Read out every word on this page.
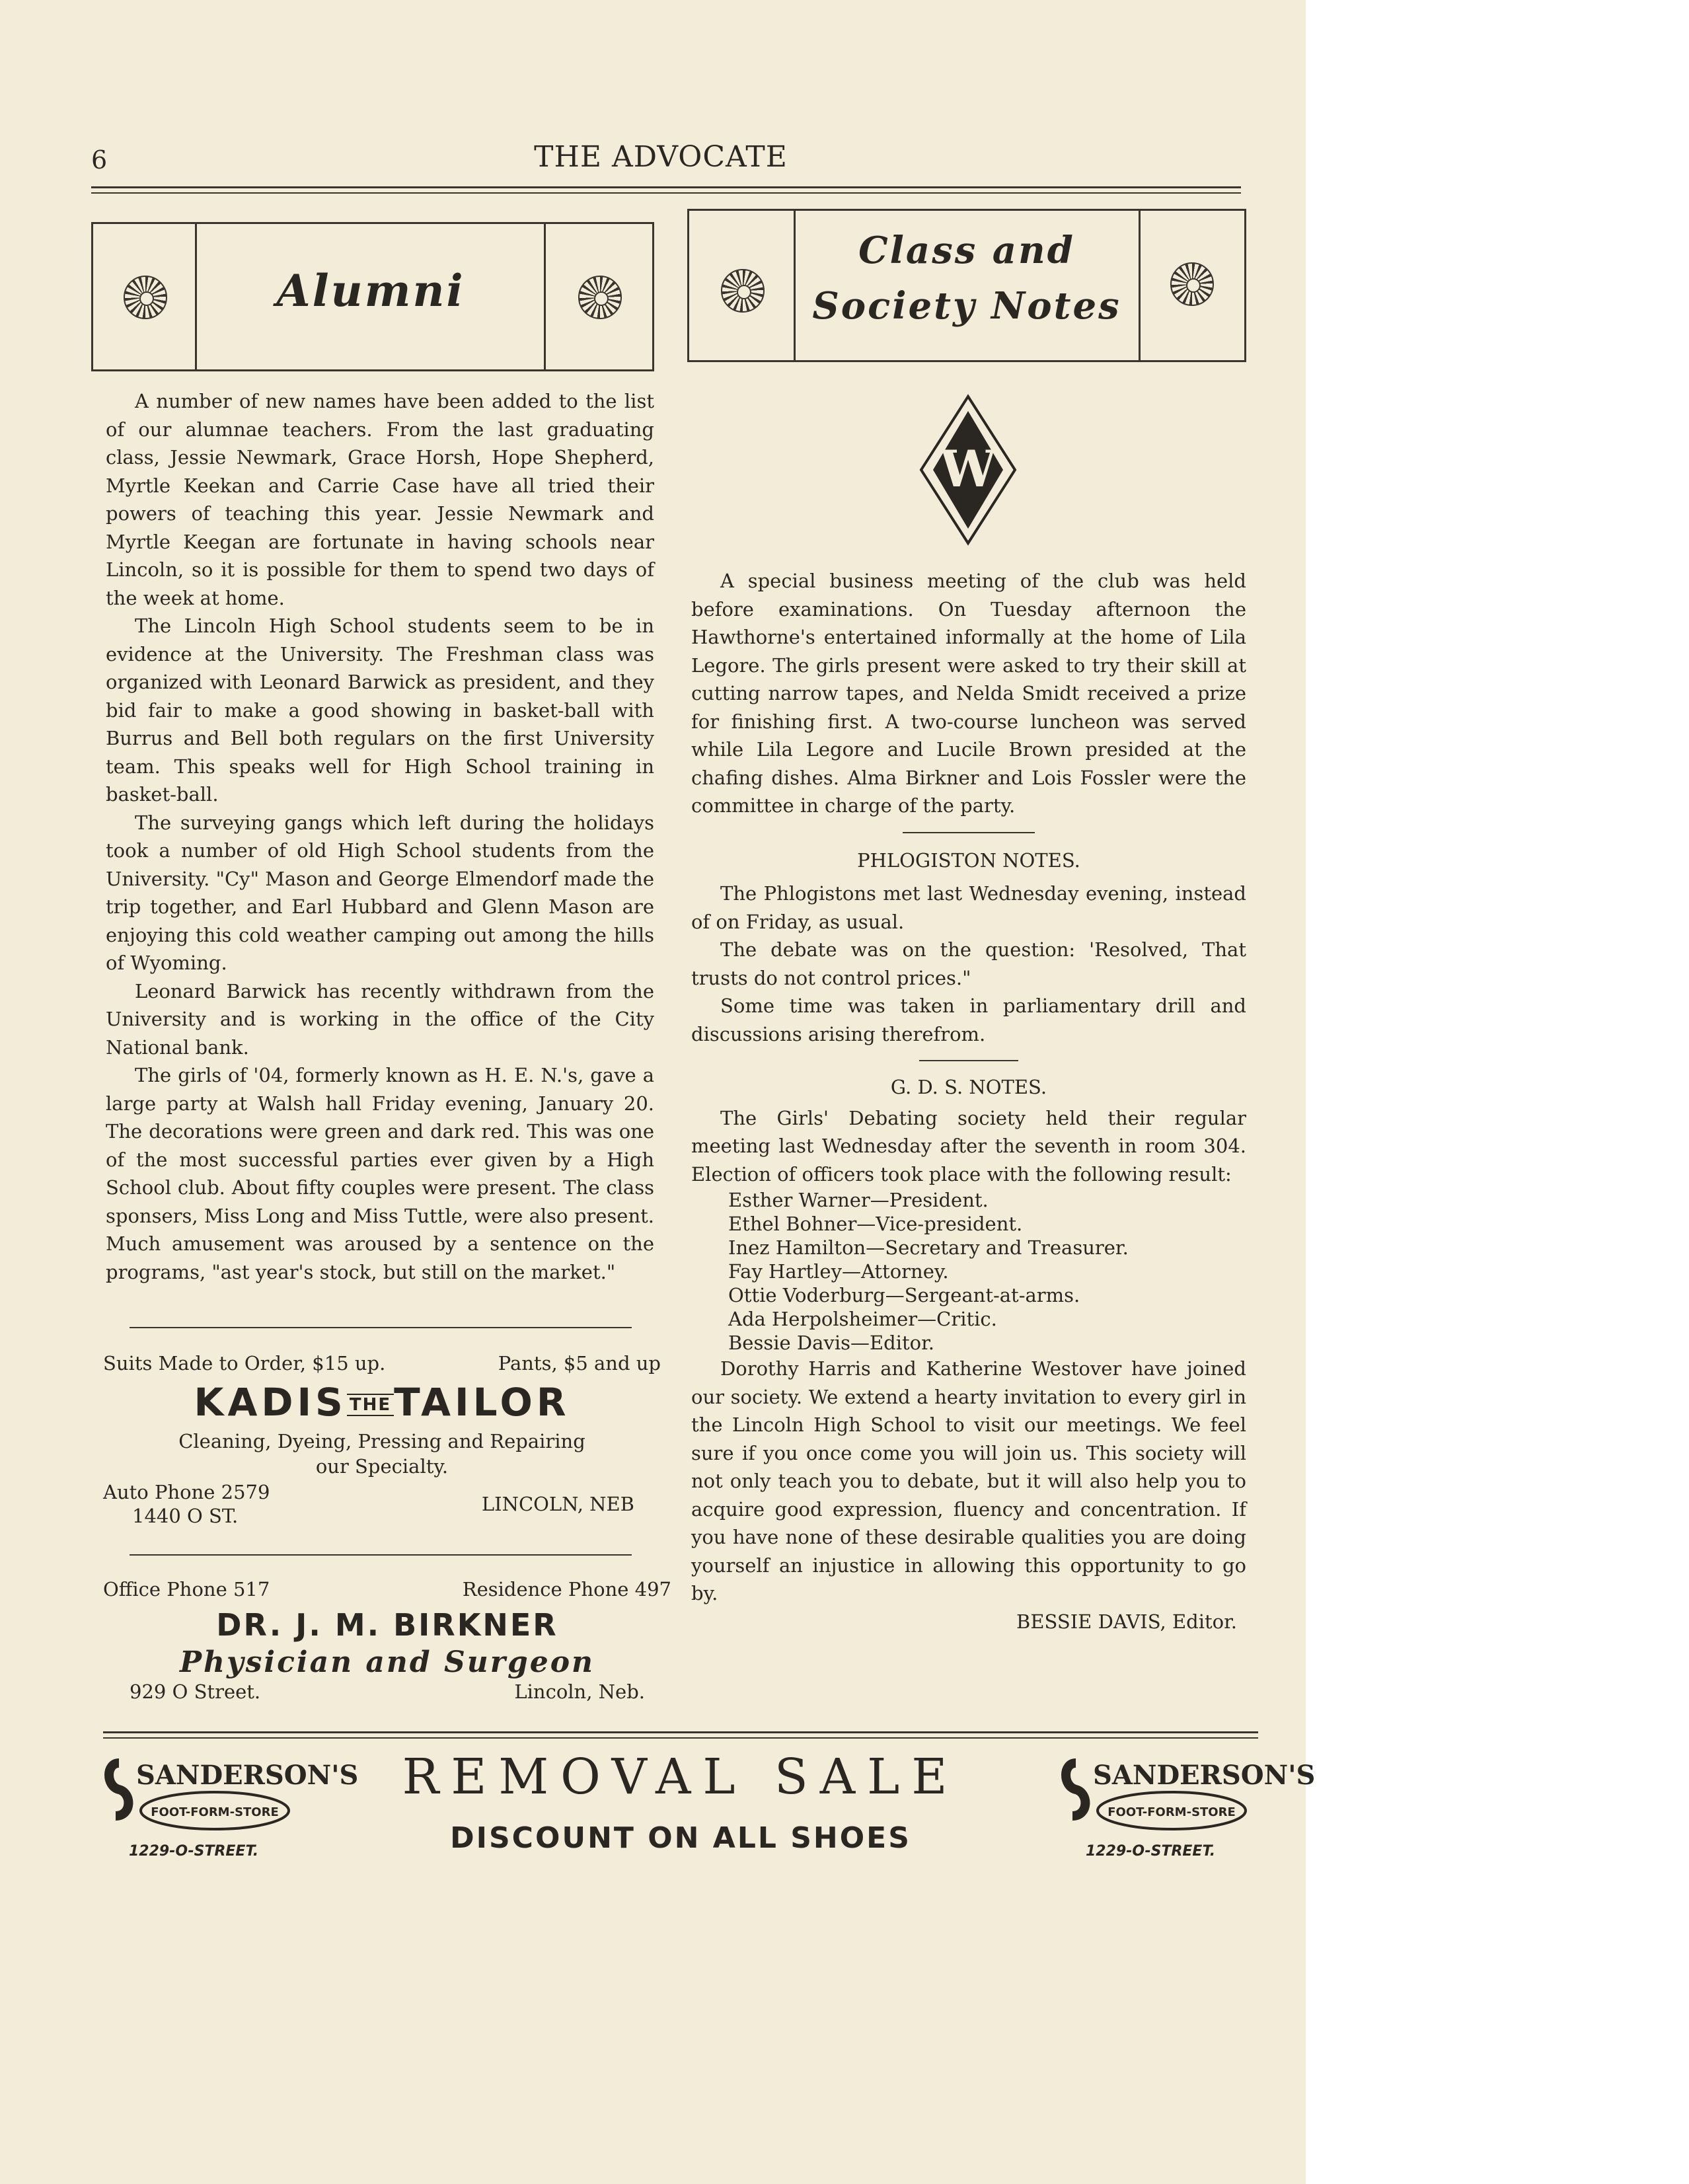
6	THE ADVOCATE
Alumni
Class and
Society Notes

A number of new names have been added to the list of our alumnae teachers. From the last graduating class, Jessie Newmark, Grace Horsh, Hope Shepherd, Myrtle Keekan and Carrie Case have all tried their powers of teaching this year. Jessie Newmark and Myrtle Keegan are fortunate in having schools near Lincoln, so it is possible for them to spend two days of the week at home.

The Lincoln High School students seem to be in evidence at the University. The Freshman class was organized with Leonard Barwick as president, and they bid fair to make a good showing in basket-ball with Burrus and Bell both regulars on the first University team. This speaks well for High School training in basket-ball.

The surveying gangs which left during the holidays took a number of old High School students from the University. "Cy" Mason and George Elmendorf made the trip together, and Earl Hubbard and Glenn Mason are enjoying this cold weather camping out among the hills of Wyoming.

Leonard Barwick has recently withdrawn from the University and is working in the office of the City National bank.

The girls of '04, formerly known as H. E. N.'s, gave a large party at Walsh hall Friday evening, January 20. The decorations were green and dark red. This was one of the most successful parties ever given by a High School club. About fifty couples were present. The class sponsers, Miss Long and Miss Tuttle, were also present. Much amusement was aroused by a sentence on the programs, "ast year's stock, but still on the market."

Suits Made to Order, $15 up.	Pants, $5 and up
KADIS THETAILOR
Cleaning, Dyeing, Pressing and Repairing
our Specialty.
Auto Phone 2579
1440 O ST.
LINCOLN, NEB
Office Phone 517	Residence Phone 497
DR. J. M. BIRKNER
Physician and Surgeon
929 O Street.	Lincoln, Neb.
W

A special business meeting of the club was held before examinations. On Tuesday afternoon the Hawthorne's entertained informally at the home of Lila Legore. The girls present were asked to try their skill at cutting narrow tapes, and Nelda Smidt received a prize for finishing first. A two-course luncheon was served while Lila Legore and Lucile Brown presided at the chafing dishes. Alma Birkner and Lois Fossler were the committee in charge of the party.

PHLOGISTON NOTES.

The Phlogistons met last Wednesday evening, instead of on Friday, as usual.

The debate was on the question: 'Resolved, That trusts do not control prices."

Some time was taken in parliamentary drill and discussions arising therefrom.

G. D. S. NOTES.

The Girls' Debating society held their regular meeting last Wednesday after the seventh in room 304. Election of officers took place with the following result:

Esther Warner—President.
Ethel Bohner—Vice-president.
Inez Hamilton—Secretary and Treasurer.
Fay Hartley—Attorney.
Ottie Voderburg—Sergeant-at-arms.
Ada Herpolsheimer—Critic.
Bessie Davis—Editor.

Dorothy Harris and Katherine Westover have joined our society. We extend a hearty invitation to every girl in the Lincoln High School to visit our meetings. We feel sure if you once come you will join us. This society will not only teach you to debate, but it will also help you to acquire good expression, fluency and concentration. If you have none of these desirable qualities you are doing yourself an injustice in allowing this opportunity to go by.

BESSIE DAVIS, Editor.
SANDERSON'S
FOOT-FORM-STORE
1229-O-STREET.
SANDERSON'S
FOOT-FORM-STORE
1229-O-STREET.
REMOVAL SALE
DISCOUNT ON ALL SHOES
